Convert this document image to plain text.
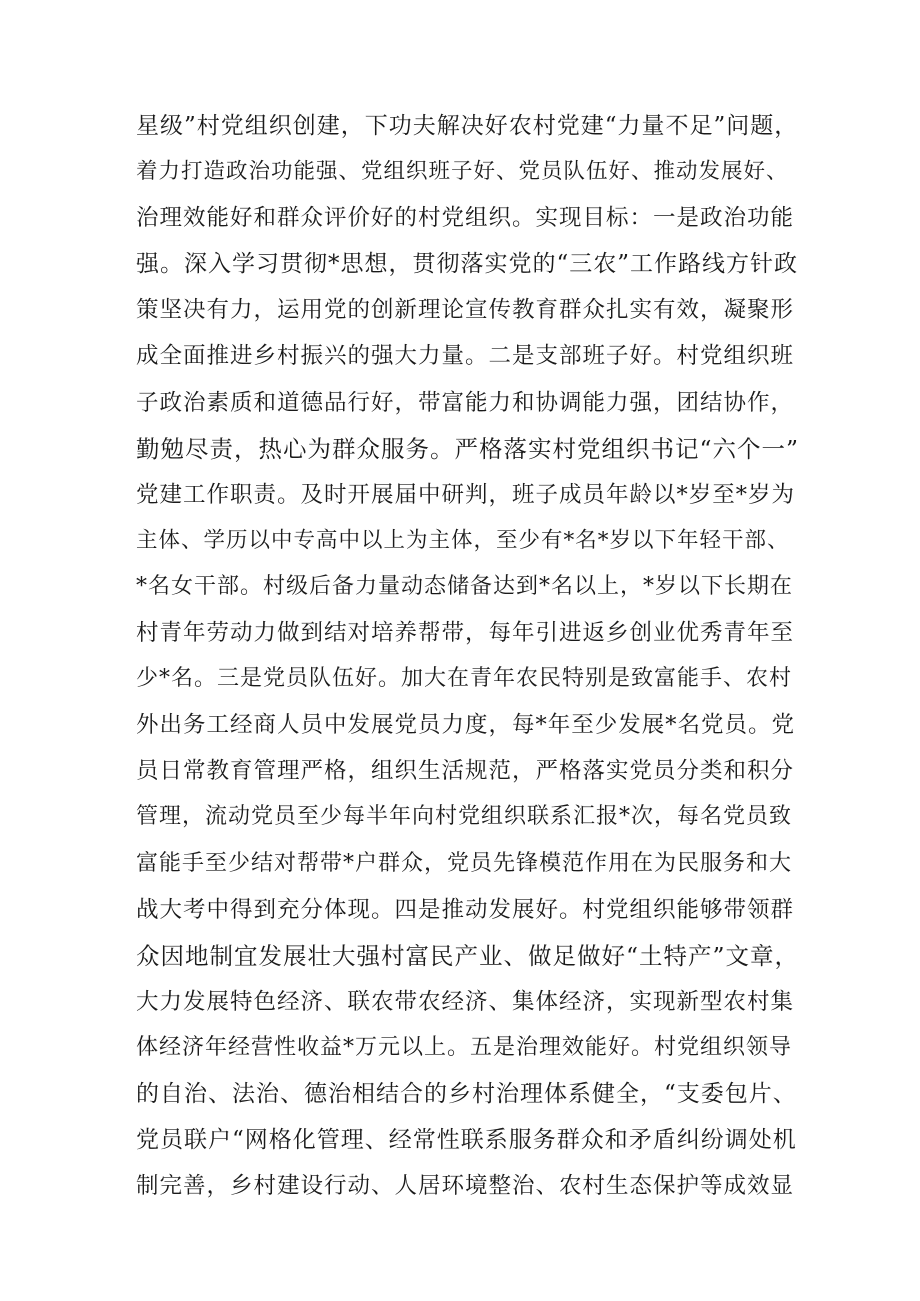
星级”村党组织创建，下功夫解决好农村党建“力量不足”问题，
着力打造政治功能强、党组织班子好、党员队伍好、推动发展好、
治理效能好和群众评价好的村党组织。实现目标：一是政治功能
强。深入学习贯彻*思想，贯彻落实党的“三农”工作路线方针政
策坚决有力，运用党的创新理论宣传教育群众扎实有效，凝聚形
成全面推进乡村振兴的强大力量。二是支部班子好。村党组织班
子政治素质和道德品行好，带富能力和协调能力强，团结协作，
勤勉尽责，热心为群众服务。严格落实村党组织书记“六个一”
党建工作职责。及时开展届中研判，班子成员年龄以*岁至*岁为
主体、学历以中专高中以上为主体，至少有*名*岁以下年轻干部、
*名女干部。村级后备力量动态储备达到*名以上，*岁以下长期在
村青年劳动力做到结对培养帮带，每年引进返乡创业优秀青年至
少*名。三是党员队伍好。加大在青年农民特别是致富能手、农村
外出务工经商人员中发展党员力度，每*年至少发展*名党员。党
员日常教育管理严格，组织生活规范，严格落实党员分类和积分
管理，流动党员至少每半年向村党组织联系汇报*次，每名党员致
富能手至少结对帮带*户群众，党员先锋模范作用在为民服务和大
战大考中得到充分体现。四是推动发展好。村党组织能够带领群
众因地制宜发展壮大强村富民产业、做足做好“土特产”文章，
大力发展特色经济、联农带农经济、集体经济，实现新型农村集
体经济年经营性收益*万元以上。五是治理效能好。村党组织领导
的自治、法治、德治相结合的乡村治理体系健全，“支委包片、
党员联户“网格化管理、经常性联系服务群众和矛盾纠纷调处机
制完善，乡村建设行动、人居环境整治、农村生态保护等成效显
